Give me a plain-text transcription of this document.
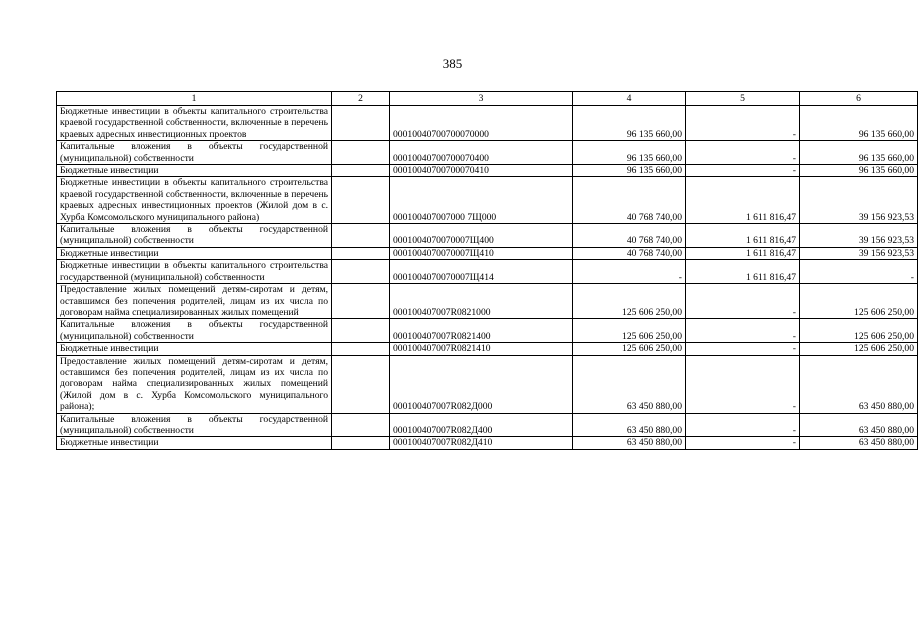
385
1	2	3	4	5	6
Бюджетные инвестиции в объекты капитального строительства краевой государственной собственности, включенные в перечень краевых адресных инвестиционных проектов		00010040700700070000	96 135 660,00	-	96 135 660,00
Капитальные вложения в объекты государственной (муниципальной) собственности		00010040700700070400	96 135 660,00	-	96 135 660,00
Бюджетные инвестиции		00010040700700070410	96 135 660,00	-	96 135 660,00
Бюджетные инвестиции в объекты капитального строительства краевой государственной собственности, включенные в перечень краевых адресных инвестиционных проектов (Жилой дом в с. Хурба Комсомольского муниципального района)		000100407007000 7Щ000	40 768 740,00	1 611 816,47	39 156 923,53
Капитальные вложения в объекты государственной (муниципальной) собственности		0001004070070007Щ400	40 768 740,00	1 611 816,47	39 156 923,53
Бюджетные инвестиции		0001004070070007Щ410	40 768 740,00	1 611 816,47	39 156 923,53
Бюджетные инвестиции в объекты капитального строительства государственной (муниципальной) собственности		0001004070070007Щ414	-	1 611 816,47	-
Предоставление жилых помещений детям-сиротам и детям, оставшимся без попечения родителей, лицам из их числа по договорам найма специализированных жилых помещений		000100407007R0821000	125 606 250,00	-	125 606 250,00
Капитальные вложения в объекты государственной (муниципальной) собственности		000100407007R0821400	125 606 250,00	-	125 606 250,00
Бюджетные инвестиции		000100407007R0821410	125 606 250,00	-	125 606 250,00
Предоставление жилых помещений детям-сиротам и детям, оставшимся без попечения родителей, лицам из их числа по договорам найма специализированных жилых помещений (Жилой дом в с. Хурба Комсомольского муниципального района);		000100407007R082Д000	63 450 880,00	-	63 450 880,00
Капитальные вложения в объекты государственной (муниципальной) собственности		000100407007R082Д400	63 450 880,00	-	63 450 880,00
Бюджетные инвестиции		000100407007R082Д410	63 450 880,00	-	63 450 880,00
